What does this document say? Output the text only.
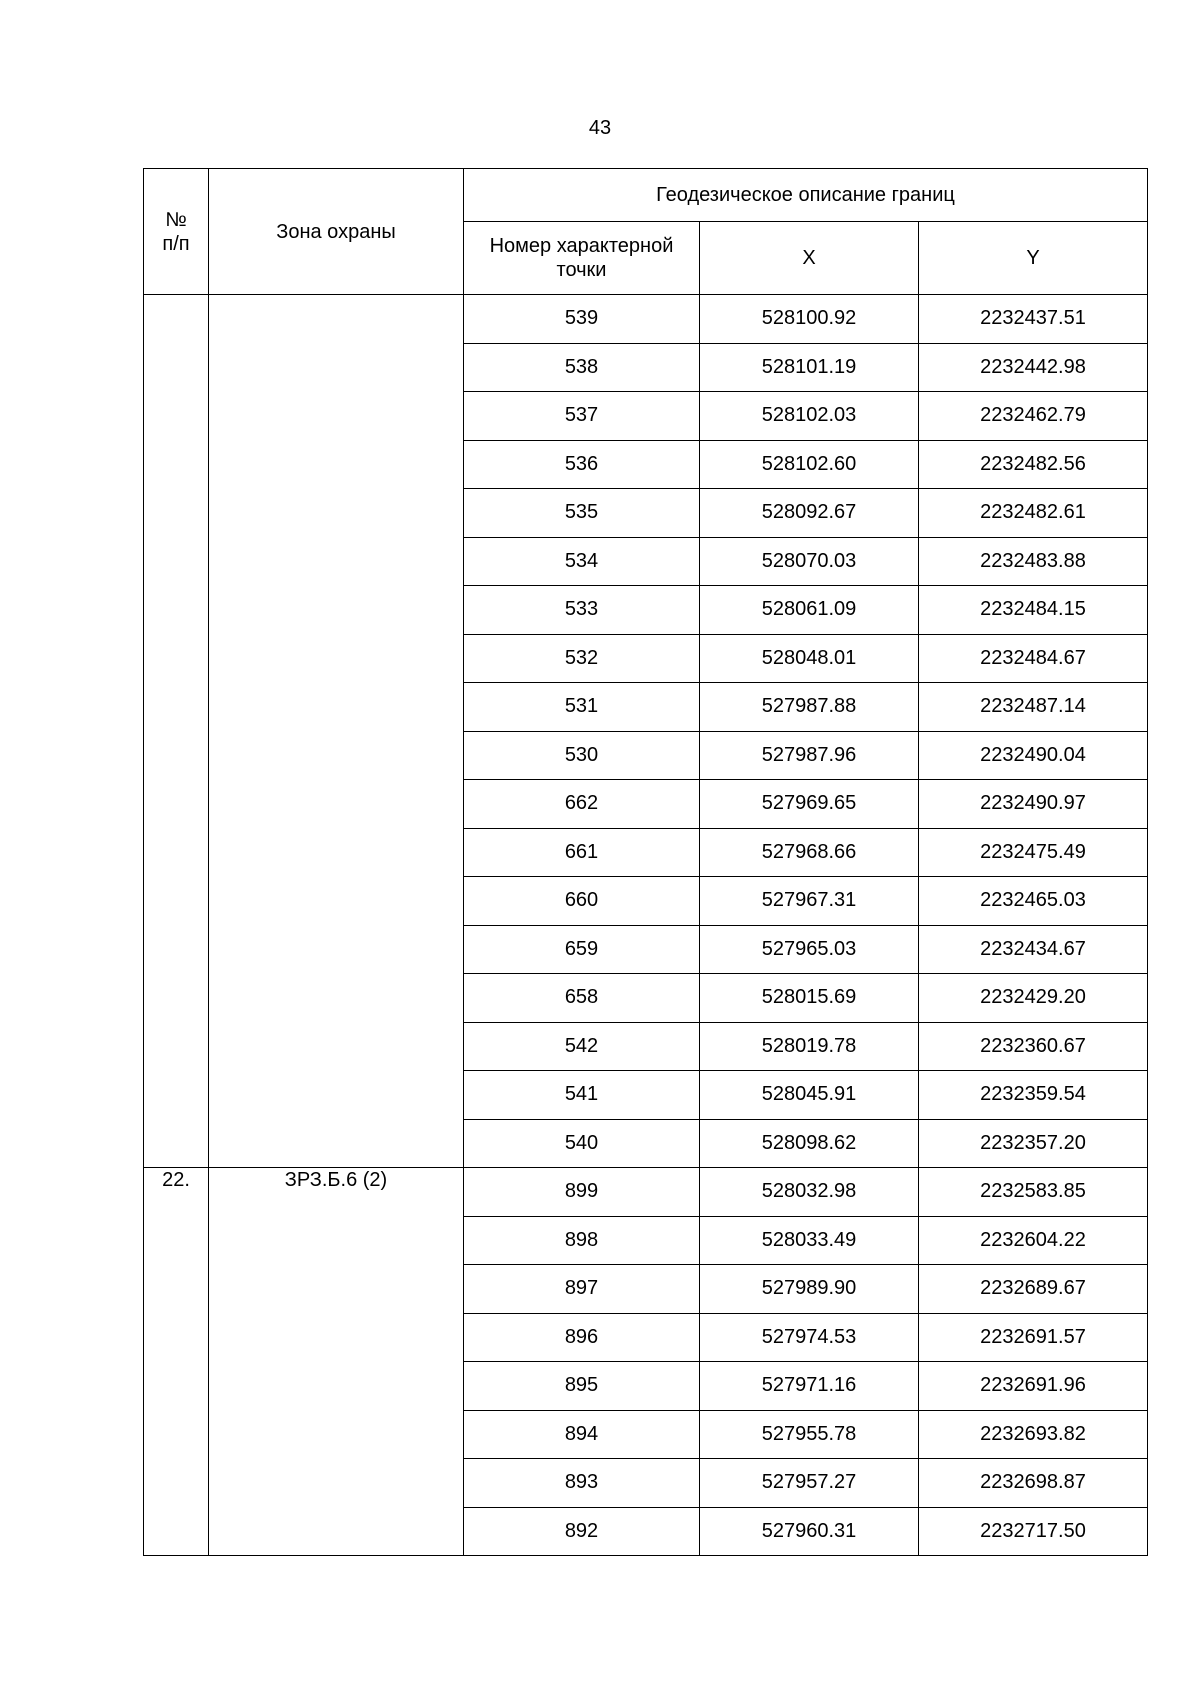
43
№
п/п	Зона охраны	Геодезическое описание границ		
		Номер характерной
точки	X	Y
		539	528100.92	2232437.51
		538	528101.19	2232442.98
		537	528102.03	2232462.79
		536	528102.60	2232482.56
		535	528092.67	2232482.61
		534	528070.03	2232483.88
		533	528061.09	2232484.15
		532	528048.01	2232484.67
		531	527987.88	2232487.14
		530	527987.96	2232490.04
		662	527969.65	2232490.97
		661	527968.66	2232475.49
		660	527967.31	2232465.03
		659	527965.03	2232434.67
		658	528015.69	2232429.20
		542	528019.78	2232360.67
		541	528045.91	2232359.54
		540	528098.62	2232357.20
22.	ЗРЗ.Б.6 (2)	899	528032.98	2232583.85
		898	528033.49	2232604.22
		897	527989.90	2232689.67
		896	527974.53	2232691.57
		895	527971.16	2232691.96
		894	527955.78	2232693.82
		893	527957.27	2232698.87
		892	527960.31	2232717.50
